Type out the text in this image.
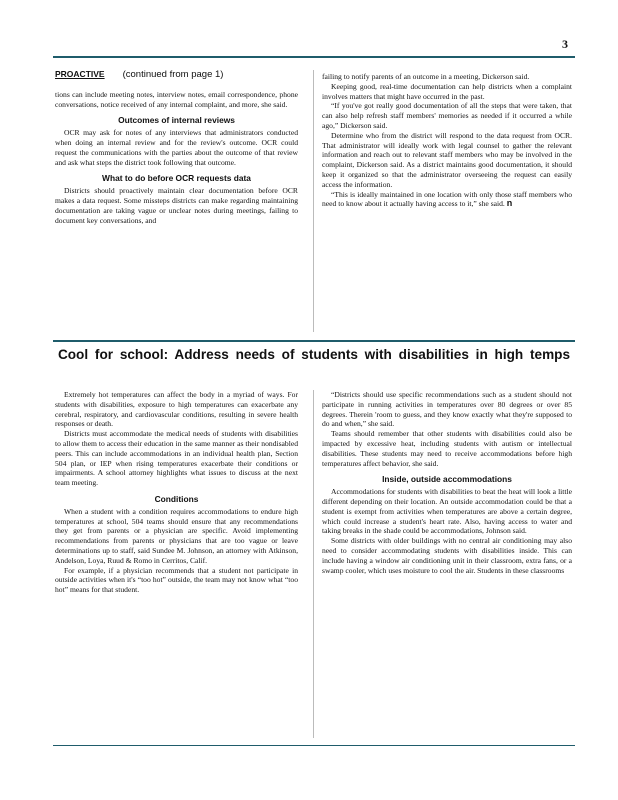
3
PROACTIVE (continued from page 1)

tions can include meeting notes, interview notes, email correspondence, phone conversations, notice received of any internal complaint, and more, she said.

Outcomes of internal reviews

OCR may ask for notes of any interviews that administrators conducted when doing an internal review and for the review's outcome. OCR could request the communications with the parties about the outcome of that review and ask what steps the district took following that outcome.

What to do before OCR requests data

Districts should proactively maintain clear documentation before OCR makes a data request. Some missteps districts can make regarding maintaining documentation are taking vague or unclear notes during meetings, failing to document key conversations, and

failing to notify parents of an outcome in a meeting, Dickerson said.

Keeping good, real-time documentation can help districts when a complaint involves matters that might have occurred in the past.

“If you've got really good documentation of all the steps that were taken, that can also help refresh staff members' memories as needed if it occurred a while ago,” Dickerson said.

Determine who from the district will respond to the data request from OCR. That administrator will ideally work with legal counsel to gather the relevant information and reach out to relevant staff members who may be involved in the complaint, Dickerson said. As a district maintains good documentation, it should keep it organized so that the administrator overseeing the request can easily access the information.

“This is ideally maintained in one location with only those staff members who need to know about it actually having access to it,” she said. n

Cool for school: Address needs of students with disabilities in high temps

Extremely hot temperatures can affect the body in a myriad of ways. For students with disabilities, exposure to high temperatures can exacerbate any cerebral, respiratory, and cardiovascular conditions, resulting in severe health responses or death.

Districts must accommodate the medical needs of students with disabilities to allow them to access their education in the same manner as their nondisabled peers. This can include accommodations in an individual health plan, Section 504 plan, or IEP when rising temperatures exacerbate their conditions or impairments. A school attorney highlights what issues to discuss at the next team meeting.

Conditions

When a student with a condition requires accommodations to endure high temperatures at school, 504 teams should ensure that any recommendations they get from parents or a physician are specific. Avoid implementing recommendations from parents or physicians that are too vague or leave determinations up to staff, said Sundee M. Johnson, an attorney with Atkinson, Andelson, Loya, Ruud & Romo in Cerritos, Calif.

For example, if a physician recommends that a student not participate in outside activities when it's “too hot” outside, the team may not know what “too hot” means for that student.

“Districts should use specific recommendations such as a student should not participate in running activities in temperatures over 80 degrees or over 85 degrees. Therein 'room to guess, and they know exactly what they're supposed to do and when,” she said.

Teams should remember that other students with disabilities could also be impacted by excessive heat, including students with autism or intellectual disabilities. These students may need to receive accommodations before high temperatures affect behavior, she said.

Inside, outside accommodations

Accommodations for students with disabilities to beat the heat will look a little different depending on their location. An outside accommodation could be that a student is exempt from activities when temperatures are above a certain degree, which could increase a student's heart rate. Also, having access to water and taking breaks in the shade could be accommodations, Johnson said.

Some districts with older buildings with no central air conditioning may also need to consider accommodating students with disabilities inside. This can include having a window air conditioning unit in their classroom, extra fans, or a swamp cooler, which uses moisture to cool the air. Students in these classrooms
